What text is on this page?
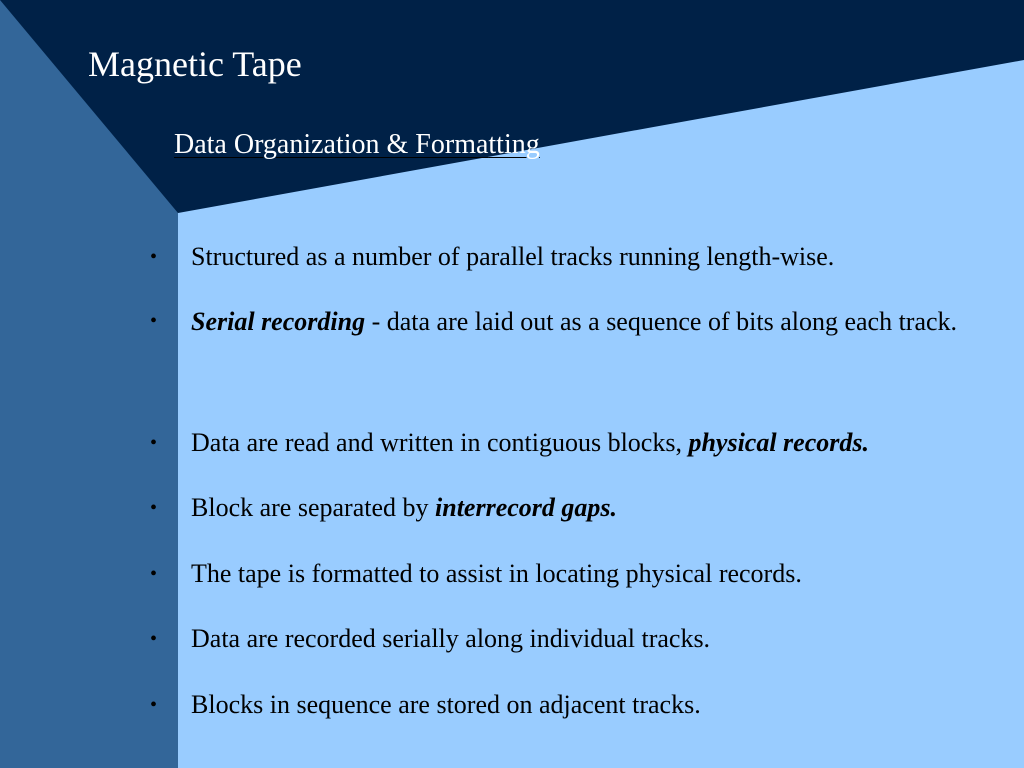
Magnetic Tape
Data Organization & Formatting
•	Structured as a number of parallel tracks running length-wise.
•	Serial recording - data are laid out as a sequence of bits along each track.
•	Data are read and written in contiguous blocks, physical records.
•	Block are separated by interrecord gaps.
•	The tape is formatted to assist in locating physical records.
•	Data are recorded serially along individual tracks.
•	Blocks in sequence are stored on adjacent tracks.
